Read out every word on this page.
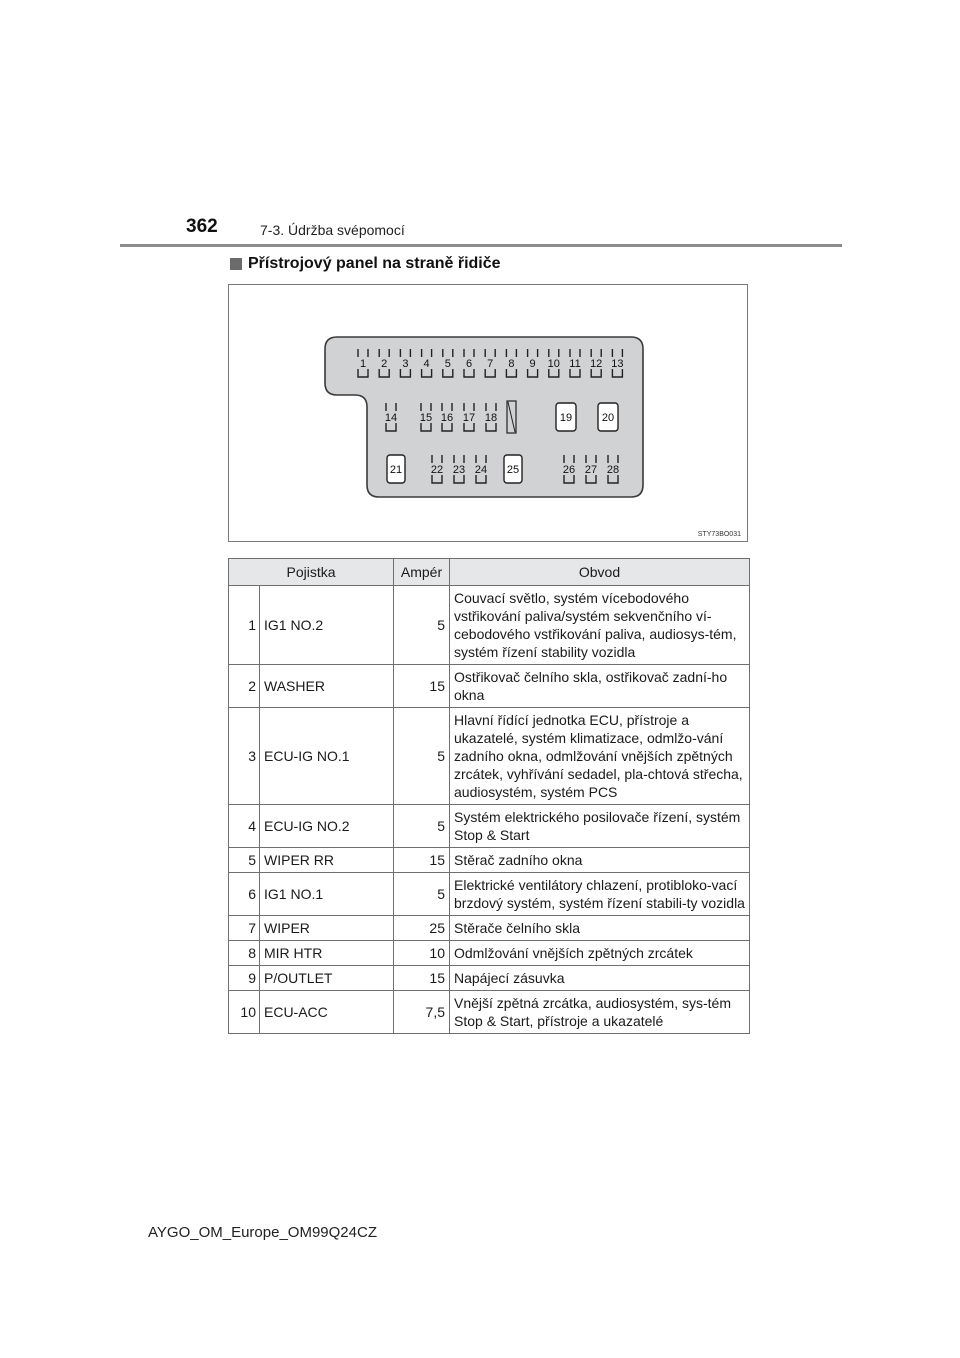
362	7-3. Údržba svépomocí
Přístrojový panel na straně řidiče
1 2 3 4 5 6 7 8 9 10 11 12 13
14 15 16 17 18	19	20
21	22 23 24 25	26 27 28
STY73BO031
Pojistka		Ampér	Obvod
1	IG1 NO.2	5	Couvací světlo, systém vícebodového vstřikování paliva/systém sekvenčního ví-cebodového vstřikování paliva, audiosys-tém, systém řízení stability vozidla
2	WASHER	15	Ostřikovač čelního skla, ostřikovač zadní-ho okna
3	ECU-IG NO.1	5	Hlavní řídící jednotka ECU, přístroje a ukazatelé, systém klimatizace, odmlžo-vání zadního okna, odmlžování vnějších zpětných zrcátek, vyhřívání sedadel, pla-chtová střecha, audiosystém, systém PCS
4	ECU-IG NO.2	5	Systém elektrického posilovače řízení, systém Stop & Start
5	WIPER RR	15	Stěrač zadního okna
6	IG1 NO.1	5	Elektrické ventilátory chlazení, protibloko-vací brzdový systém, systém řízení stabili-ty vozidla
7	WIPER	25	Stěrače čelního skla
8	MIR HTR	10	Odmlžování vnějších zpětných zrcátek
9	P/OUTLET	15	Napájecí zásuvka
10	ECU-ACC	7,5	Vnější zpětná zrcátka, audiosystém, sys-tém Stop & Start, přístroje a ukazatelé
AYGO_OM_Europe_OM99Q24CZ
